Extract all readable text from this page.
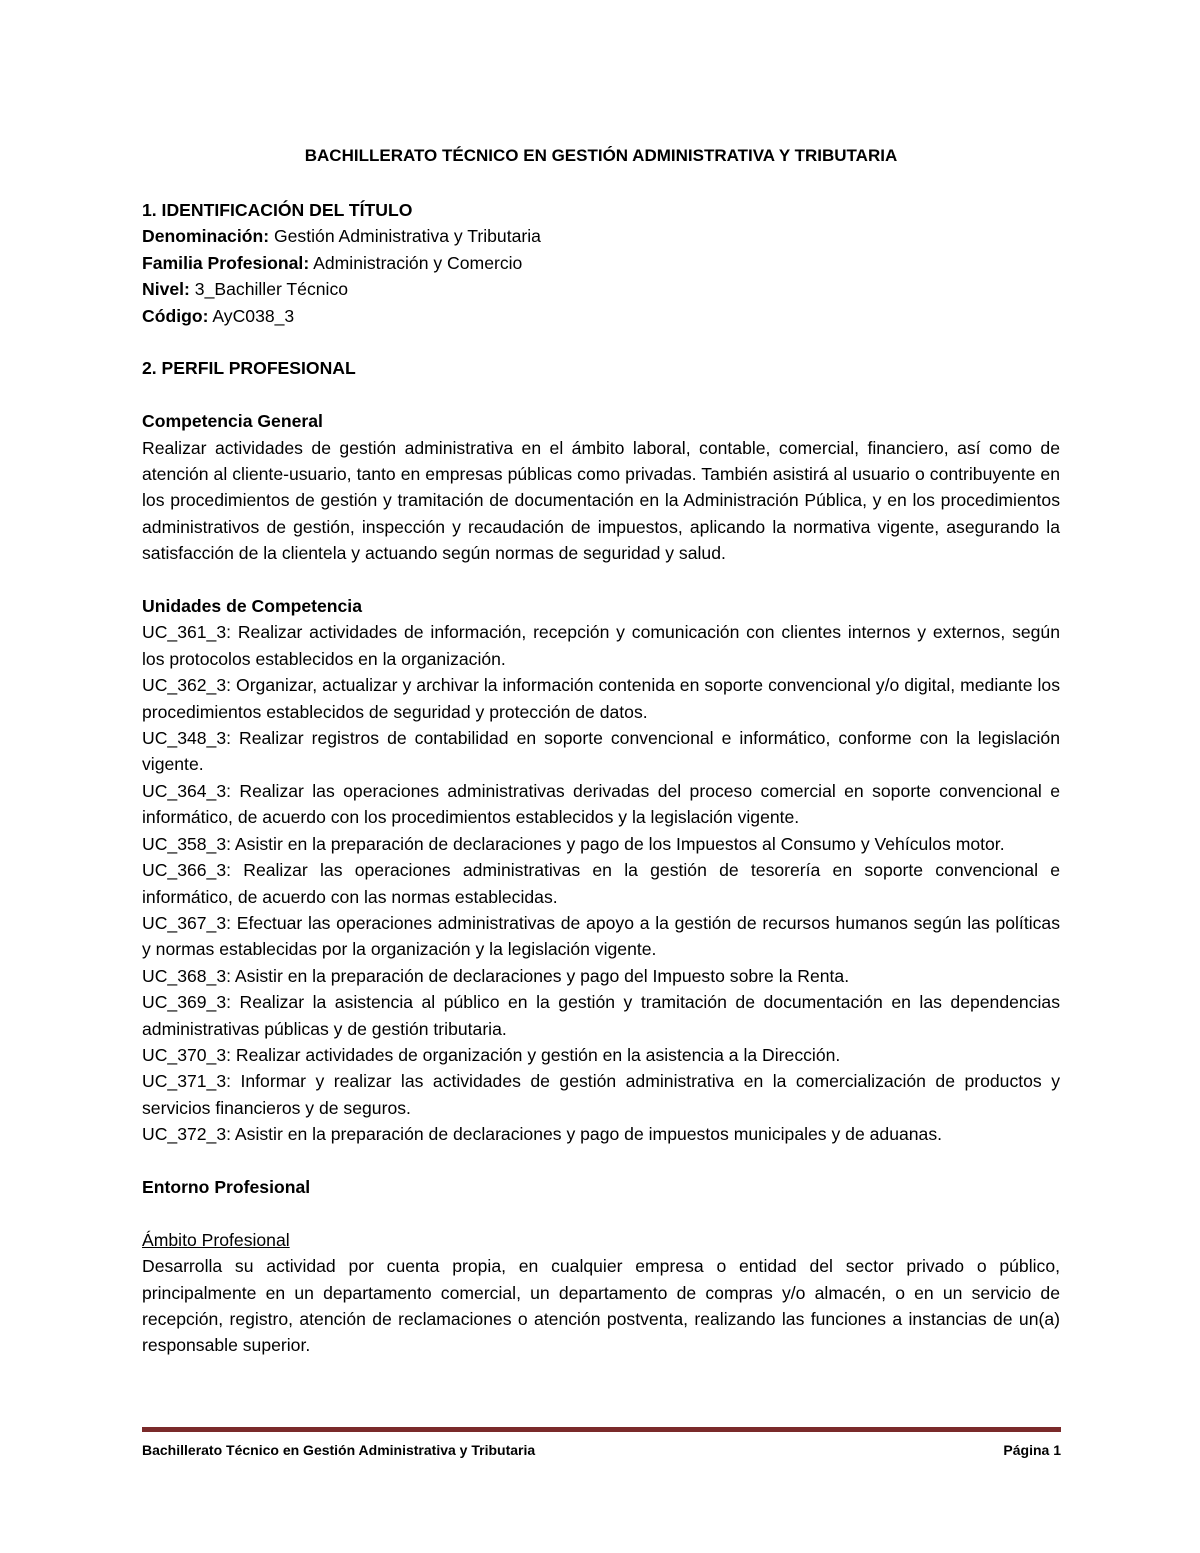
BACHILLERATO TÉCNICO EN GESTIÓN ADMINISTRATIVA Y TRIBUTARIA

1. IDENTIFICACIÓN DEL TÍTULO

Denominación: Gestión Administrativa y Tributaria

Familia Profesional: Administración y Comercio

Nivel: 3_Bachiller Técnico

Código: AyC038_3

2. PERFIL PROFESIONAL

Competencia General

Realizar actividades de gestión administrativa en el ámbito laboral, contable, comercial, financiero, así como de atención al cliente-usuario, tanto en empresas públicas como privadas. También asistirá al usuario o contribuyente en los procedimientos de gestión y tramitación de documentación en la Administración Pública, y en los procedimientos administrativos de gestión, inspección y recaudación de impuestos, aplicando la normativa vigente, asegurando la satisfacción de la clientela y actuando según normas de seguridad y salud.

Unidades de Competencia

UC_361_3: Realizar actividades de información, recepción y comunicación con clientes internos y externos, según los protocolos establecidos en la organización.

UC_362_3: Organizar, actualizar y archivar la información contenida en soporte convencional y/o digital, mediante los procedimientos establecidos de seguridad y protección de datos.

UC_348_3: Realizar registros de contabilidad en soporte convencional e informático, conforme con la legislación vigente.

UC_364_3: Realizar las operaciones administrativas derivadas del proceso comercial en soporte convencional e informático, de acuerdo con los procedimientos establecidos y la legislación vigente.

UC_358_3: Asistir en la preparación de declaraciones y pago de los Impuestos al Consumo y Vehículos motor.

UC_366_3: Realizar las operaciones administrativas en la gestión de tesorería en soporte convencional e informático, de acuerdo con las normas establecidas.

UC_367_3: Efectuar las operaciones administrativas de apoyo a la gestión de recursos humanos según las políticas y normas establecidas por la organización y la legislación vigente.

UC_368_3: Asistir en la preparación de declaraciones y pago del Impuesto sobre la Renta.

UC_369_3: Realizar la asistencia al público en la gestión y tramitación de documentación en las dependencias administrativas públicas y de gestión tributaria.

UC_370_3: Realizar actividades de organización y gestión en la asistencia a la Dirección.

UC_371_3: Informar y realizar las actividades de gestión administrativa en la comercialización de productos y servicios financieros y de seguros.

UC_372_3: Asistir en la preparación de declaraciones y pago de impuestos municipales y de aduanas.

Entorno Profesional

Ámbito Profesional

Desarrolla su actividad por cuenta propia, en cualquier empresa o entidad del sector privado o público, principalmente en un departamento comercial, un departamento de compras y/o almacén, o en un servicio de recepción, registro, atención de reclamaciones o atención postventa, realizando las funciones a instancias de un(a) responsable superior.

Bachillerato Técnico en Gestión Administrativa y Tributaria	Página 1
